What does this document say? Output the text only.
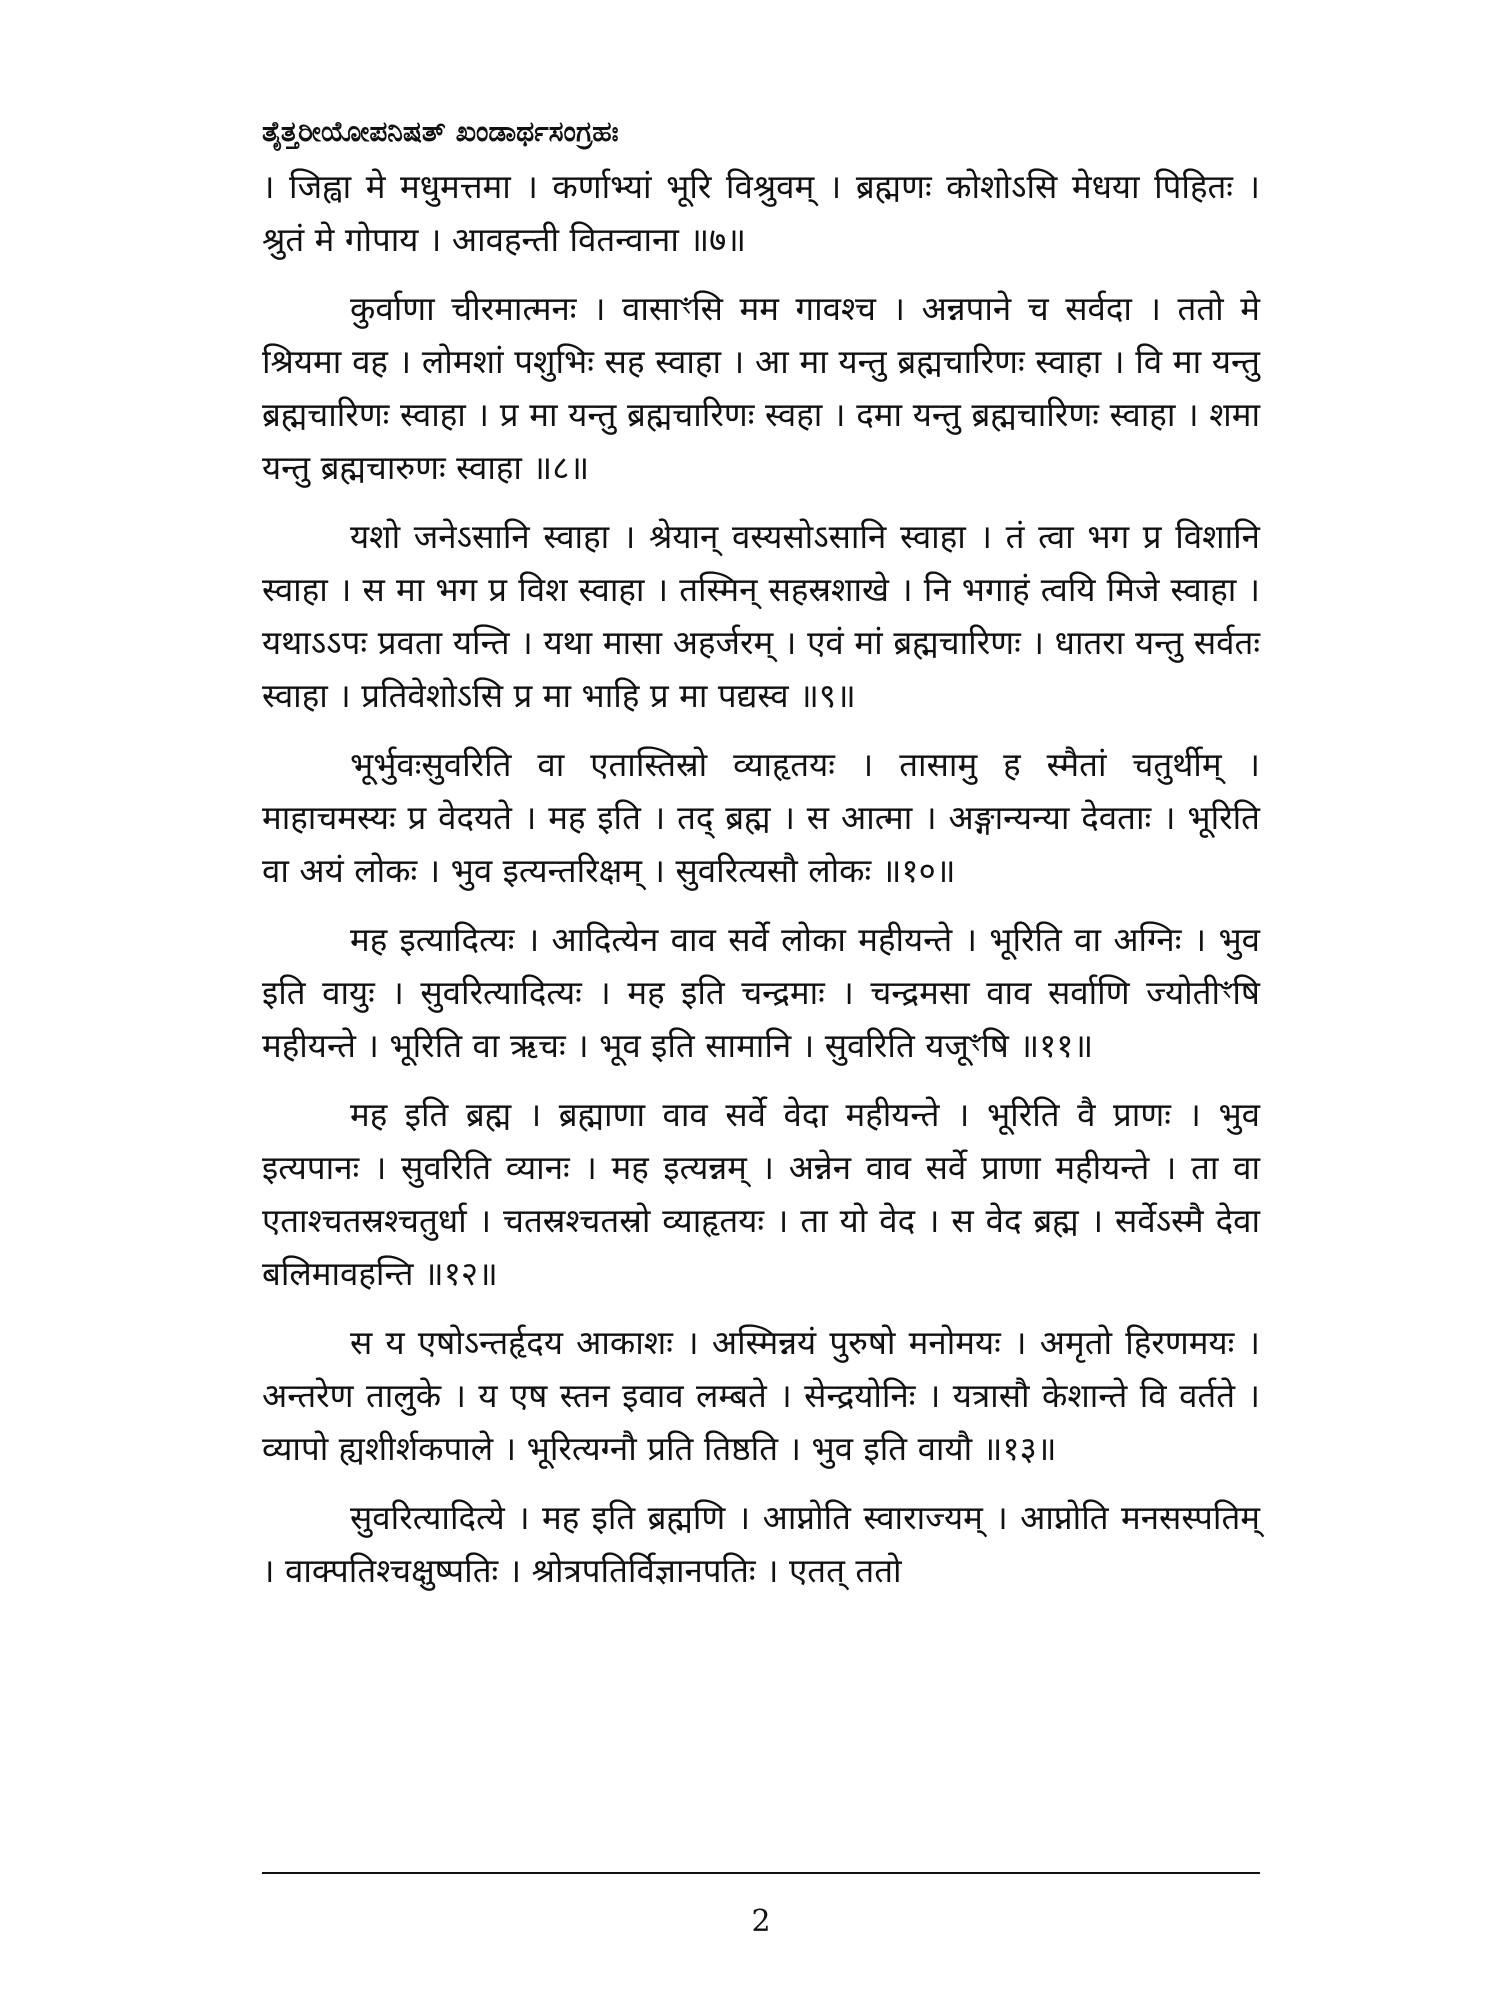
ತೈತ್ತರೀಯೋಪನಿಷತ್ ಖಂಡಾರ್ಥಸಂಗ್ರಹಃ

। जिह्वा मे मधुमत्तमा । कर्णाभ्यां भूरि विश्रुवम् । ब्रह्मणः कोशोऽसि मेधया पिहितः । श्रुतं मे गोपाय । आवहन्ती वितन्वाना ॥७॥

कुर्वाणा चीरमात्मनः । वासाꣳसि मम गावश्च । अन्नपाने च सर्वदा । ततो मे श्रियमा वह । लोमशां पशुभिः सह स्वाहा । आ मा यन्तु ब्रह्मचारिणः स्वाहा । वि मा यन्तु ब्रह्मचारिणः स्वाहा । प्र मा यन्तु ब्रह्मचारिणः स्वहा । दमा यन्तु ब्रह्मचारिणः स्वाहा । शमा यन्तु ब्रह्मचारुणः स्वाहा ॥८॥

यशो जनेऽसानि स्वाहा । श्रेयान् वस्यसोऽसानि स्वाहा । तं त्वा भग प्र विशानि स्वाहा । स मा भग प्र विश स्वाहा । तस्मिन् सहस्रशाखे । नि भगाहं त्वयि मिजे स्वाहा । यथाऽऽपः प्रवता यन्ति । यथा मासा अहर्जरम् । एवं मां ब्रह्मचारिणः । धातरा यन्तु सर्वतः स्वाहा । प्रतिवेशोऽसि प्र मा भाहि प्र मा पद्यस्व ॥९॥

भूर्भुवःसुवरिति वा एतास्तिस्रो व्याहृतयः । तासामु ह स्मैतां चतुर्थीम् । माहाचमस्यः प्र वेदयते । मह इति । तद् ब्रह्म । स आत्मा । अङ्गान्यन्या देवताः । भूरिति वा अयं लोकः । भुव इत्यन्तरिक्षम् । सुवरित्यसौ लोकः ॥१०॥

मह इत्यादित्यः । आदित्येन वाव सर्वे लोका महीयन्ते । भूरिति वा अग्निः । भुव इति वायुः । सुवरित्यादित्यः । मह इति चन्द्रमाः । चन्द्रमसा वाव सर्वाणि ज्योतीꣳषि महीयन्ते । भूरिति वा ऋचः । भूव इति सामानि । सुवरिति यजूꣳषि ॥११॥

मह इति ब्रह्म । ब्रह्माणा वाव सर्वे वेदा महीयन्ते । भूरिति वै प्राणः । भुव इत्यपानः । सुवरिति व्यानः । मह इत्यन्नम् । अन्नेन वाव सर्वे प्राणा महीयन्ते । ता वा एताश्चतस्रश्चतुर्धा । चतस्रश्चतस्रो व्याहृतयः । ता यो वेद । स वेद ब्रह्म । सर्वेऽस्मै देवा बलिमावहन्ति ॥१२॥

स य एषोऽन्तर्हृदय आकाशः । अस्मिन्नयं पुरुषो मनोमयः । अमृतो हिरणमयः । अन्तरेण तालुके । य एष स्तन इवाव लम्बते । सेन्द्रयोनिः । यत्रासौ केशान्ते वि वर्तते । व्यापो ह्यशीर्शकपाले । भूरित्यग्नौ प्रति तिष्ठति । भुव इति वायौ ॥१३॥

सुवरित्यादित्ये । मह इति ब्रह्मणि । आप्नोति स्वाराज्यम् । आप्नोति मनसस्पतिम् । वाक्पतिश्चक्षुष्पतिः । श्रोत्रपतिर्विज्ञानपतिः । एतत् ततो

2
